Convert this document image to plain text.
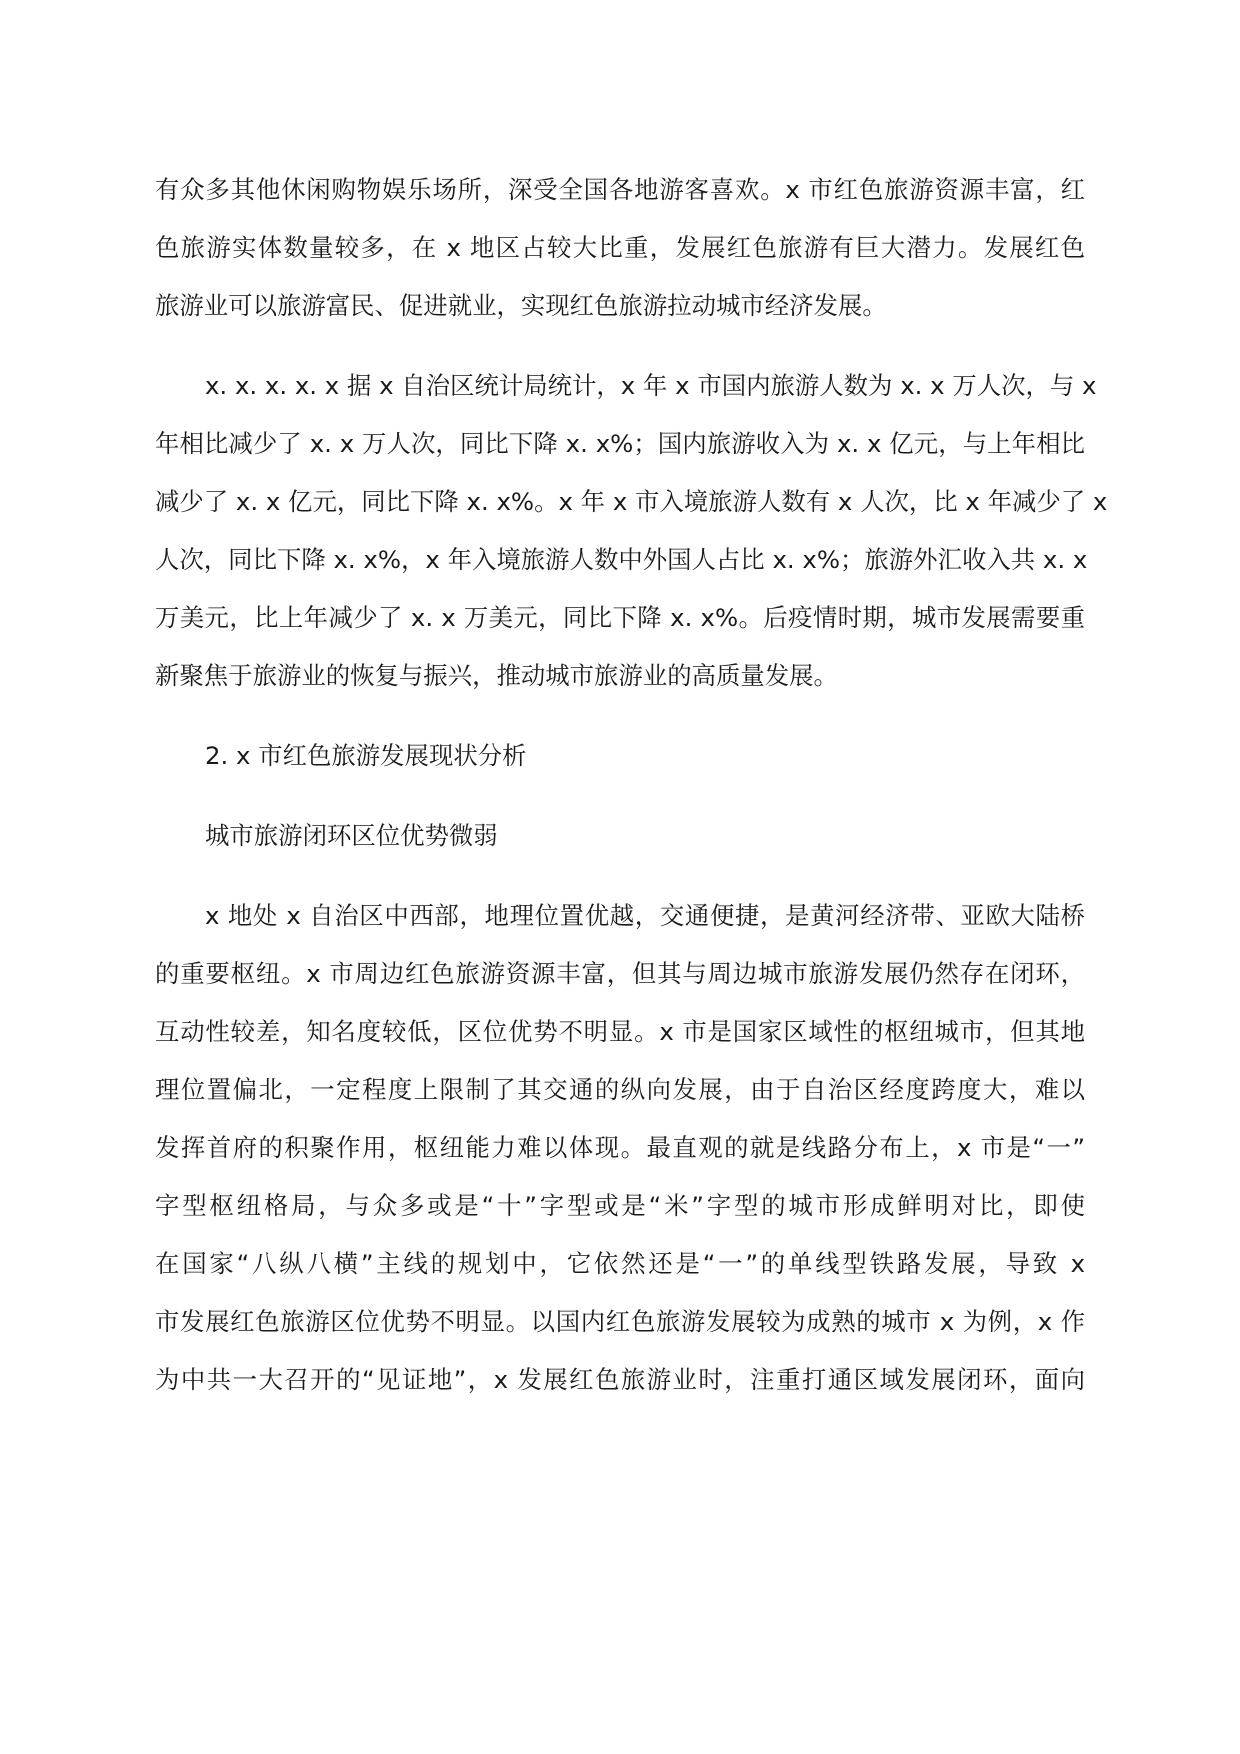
有众多其他休闲购物娱乐场所，深受全国各地游客喜欢。x 市红色旅游资源丰富，红
色旅游实体数量较多，在 x 地区占较大比重，发展红色旅游有巨大潜力。发展红色
旅游业可以旅游富民、促进就业，实现红色旅游拉动城市经济发展。
x. x. x. x. x 据 x 自治区统计局统计，x 年 x 市国内旅游人数为 x. x 万人次，与 x
年相比减少了 x. x 万人次，同比下降 x. x%；国内旅游收入为 x. x 亿元，与上年相比
减少了 x. x 亿元，同比下降 x. x%。x 年 x 市入境旅游人数有 x 人次，比 x 年减少了 x
人次，同比下降 x. x%，x 年入境旅游人数中外国人占比 x. x%；旅游外汇收入共 x. x
万美元，比上年减少了 x. x 万美元，同比下降 x. x%。后疫情时期，城市发展需要重
新聚焦于旅游业的恢复与振兴，推动城市旅游业的高质量发展。
2. x 市红色旅游发展现状分析
城市旅游闭环区位优势微弱
x 地处 x 自治区中西部，地理位置优越，交通便捷，是黄河经济带、亚欧大陆桥
的重要枢纽。x 市周边红色旅游资源丰富，但其与周边城市旅游发展仍然存在闭环，
互动性较差，知名度较低，区位优势不明显。x 市是国家区域性的枢纽城市，但其地
理位置偏北，一定程度上限制了其交通的纵向发展，由于自治区经度跨度大，难以
发挥首府的积聚作用，枢纽能力难以体现。最直观的就是线路分布上，x 市是“一”
字型枢纽格局，与众多或是“十”字型或是“米”字型的城市形成鲜明对比，即使
在国家“八纵八横”主线的规划中，它依然还是“一”的单线型铁路发展，导致 x
市发展红色旅游区位优势不明显。以国内红色旅游发展较为成熟的城市 x 为例，x 作
为中共一大召开的“见证地”，x 发展红色旅游业时，注重打通区域发展闭环，面向
